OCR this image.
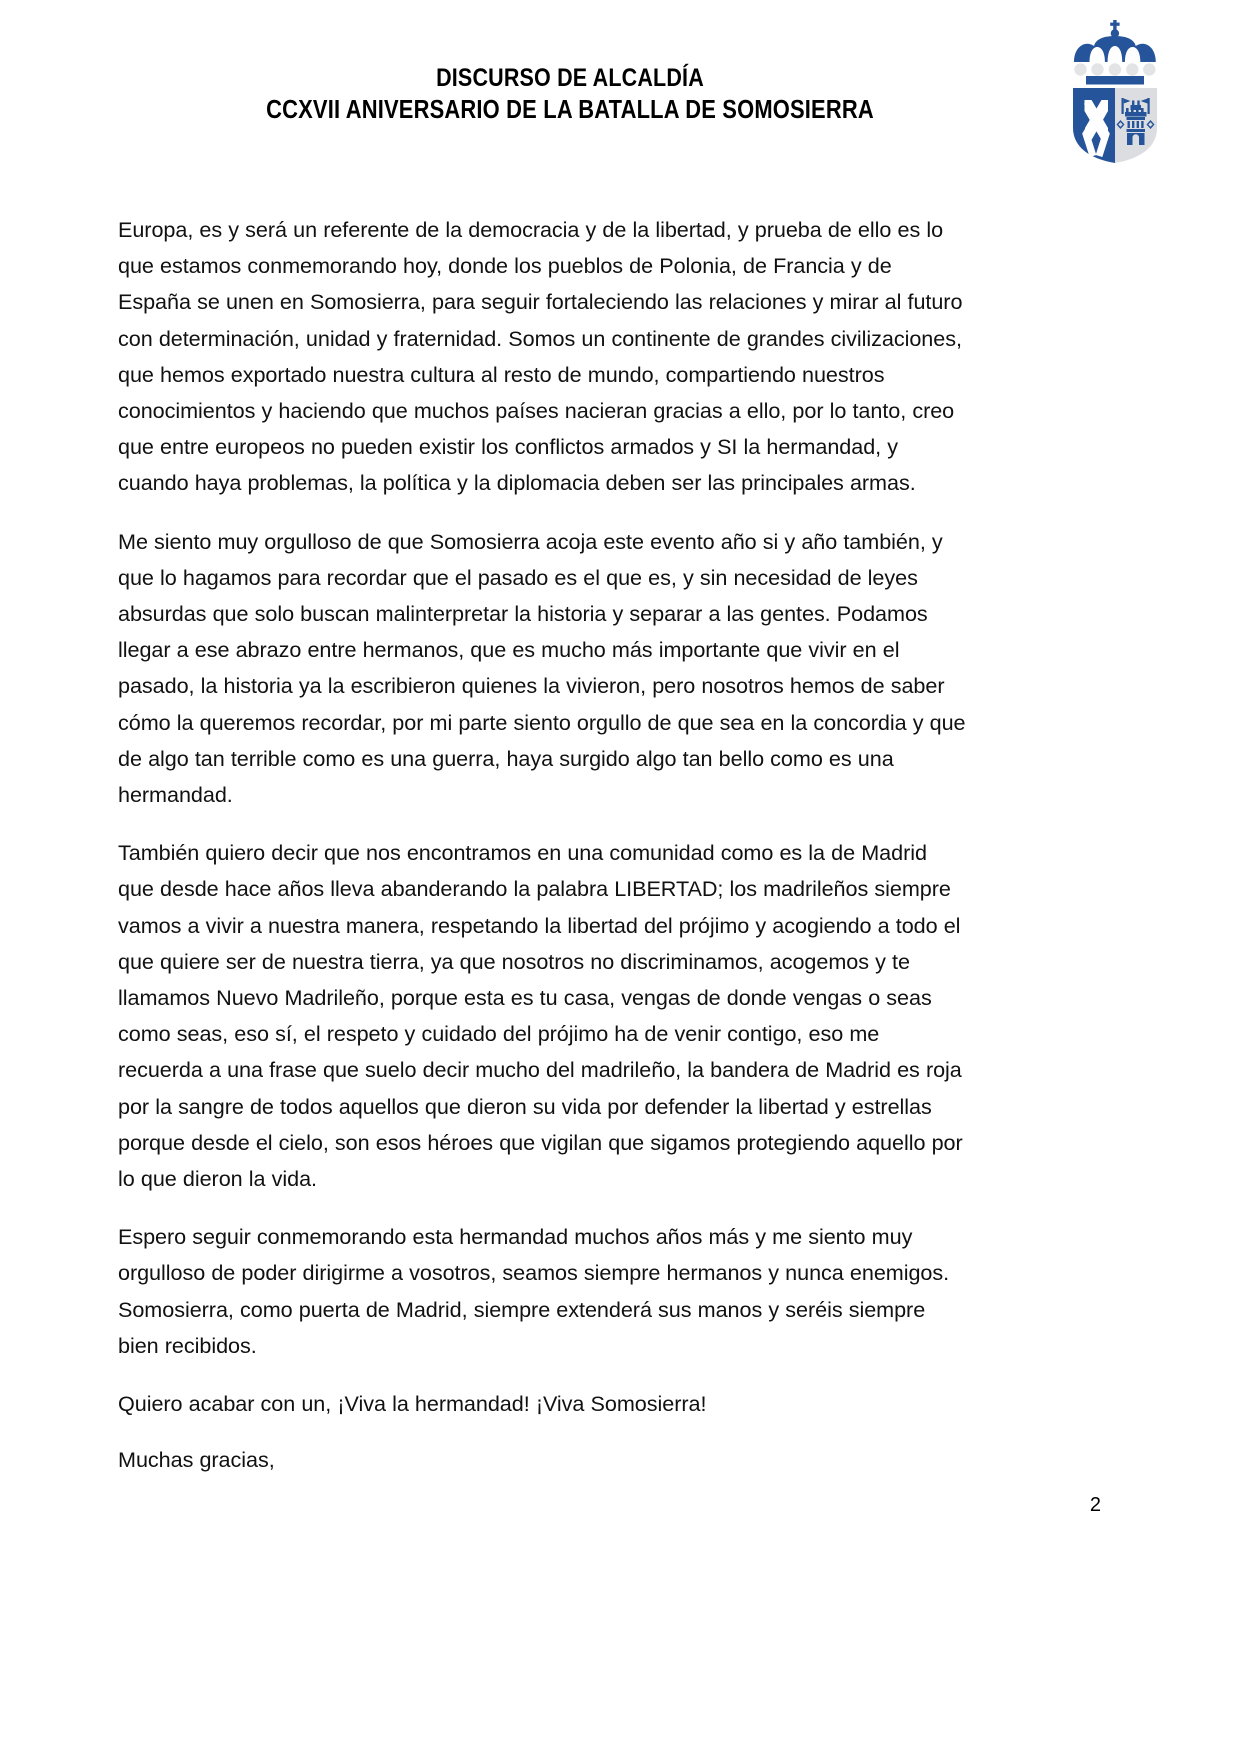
DISCURSO DE ALCALDÍA
CCXVII ANIVERSARIO DE LA BATALLA DE SOMOSIERRA

Europa, es y será un referente de la democracia y de la libertad, y prueba de ello es lo que estamos conmemorando hoy, donde los pueblos de Polonia, de Francia y de España se unen en Somosierra, para seguir fortaleciendo las relaciones y mirar al futuro con determinación, unidad y fraternidad. Somos un continente de grandes civilizaciones, que hemos exportado nuestra cultura al resto de mundo, compartiendo nuestros conocimientos y haciendo que muchos países nacieran gracias a ello, por lo tanto, creo que entre europeos no pueden existir los conflictos armados y SI la hermandad, y cuando haya problemas, la política y la diplomacia deben ser las principales armas.

Me siento muy orgulloso de que Somosierra acoja este evento año si y año también, y que lo hagamos para recordar que el pasado es el que es, y sin necesidad de leyes absurdas que solo buscan malinterpretar la historia y separar a las gentes. Podamos llegar a ese abrazo entre hermanos, que es mucho más importante que vivir en el pasado, la historia ya la escribieron quienes la vivieron, pero nosotros hemos de saber cómo la queremos recordar, por mi parte siento orgullo de que sea en la concordia y que de algo tan terrible como es una guerra, haya surgido algo tan bello como es una hermandad.

También quiero decir que nos encontramos en una comunidad como es la de Madrid que desde hace años lleva abanderando la palabra LIBERTAD; los madrileños siempre vamos a vivir a nuestra manera, respetando la libertad del prójimo y acogiendo a todo el que quiere ser de nuestra tierra, ya que nosotros no discriminamos, acogemos y te llamamos Nuevo Madrileño, porque esta es tu casa, vengas de donde vengas o seas como seas, eso sí, el respeto y cuidado del prójimo ha de venir contigo, eso me recuerda a una frase que suelo decir mucho del madrileño, la bandera de Madrid es roja por la sangre de todos aquellos que dieron su vida por defender la libertad y estrellas porque desde el cielo, son esos héroes que vigilan que sigamos protegiendo aquello por lo que dieron la vida.

Espero seguir conmemorando esta hermandad muchos años más y me siento muy orgulloso de poder dirigirme a vosotros, seamos siempre hermanos y nunca enemigos. Somosierra, como puerta de Madrid, siempre extenderá sus manos y seréis siempre bien recibidos.

Quiero acabar con un, ¡Viva la hermandad! ¡Viva Somosierra!

Muchas gracias,

2
